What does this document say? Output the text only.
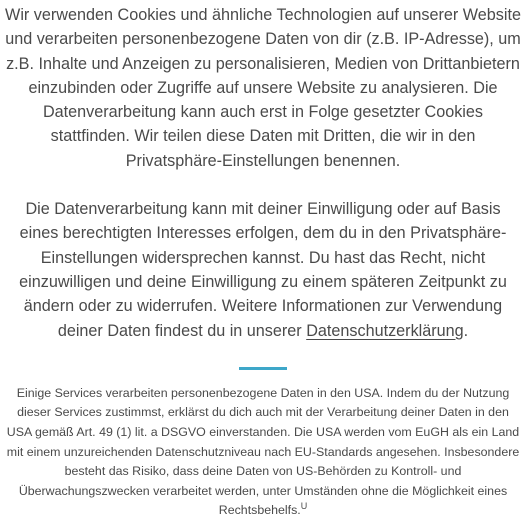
Wir verwenden Cookies und ähnliche Technologien auf unserer Website und verarbeiten personenbezogene Daten von dir (z.B. IP-Adresse), um z.B. Inhalte und Anzeigen zu personalisieren, Medien von Drittanbietern einzubinden oder Zugriffe auf unsere Website zu analysieren. Die Datenverarbeitung kann auch erst in Folge gesetzter Cookies stattfinden. Wir teilen diese Daten mit Dritten, die wir in den Privatsphäre-Einstellungen benennen.

Die Datenverarbeitung kann mit deiner Einwilligung oder auf Basis eines berechtigten Interesses erfolgen, dem du in den Privatsphäre-Einstellungen widersprechen kannst. Du hast das Recht, nicht einzuwilligen und deine Einwilligung zu einem späteren Zeitpunkt zu ändern oder zu widerrufen. Weitere Informationen zur Verwendung deiner Daten findest du in unserer Datenschutzerklärung.

Einige Services verarbeiten personenbezogene Daten in den USA. Indem du der Nutzung dieser Services zustimmst, erklärst du dich auch mit der Verarbeitung deiner Daten in den USA gemäß Art. 49 (1) lit. a DSGVO einverstanden. Die USA werden vom EuGH als ein Land mit einem unzureichenden Datenschutzniveau nach EU-Standards angesehen. Insbesondere besteht das Risiko, dass deine Daten von US-Behörden zu Kontroll- und Überwachungszwecken verarbeitet werden, unter Umständen ohne die Möglichkeit eines Rechtsbehelfs.$^U$
